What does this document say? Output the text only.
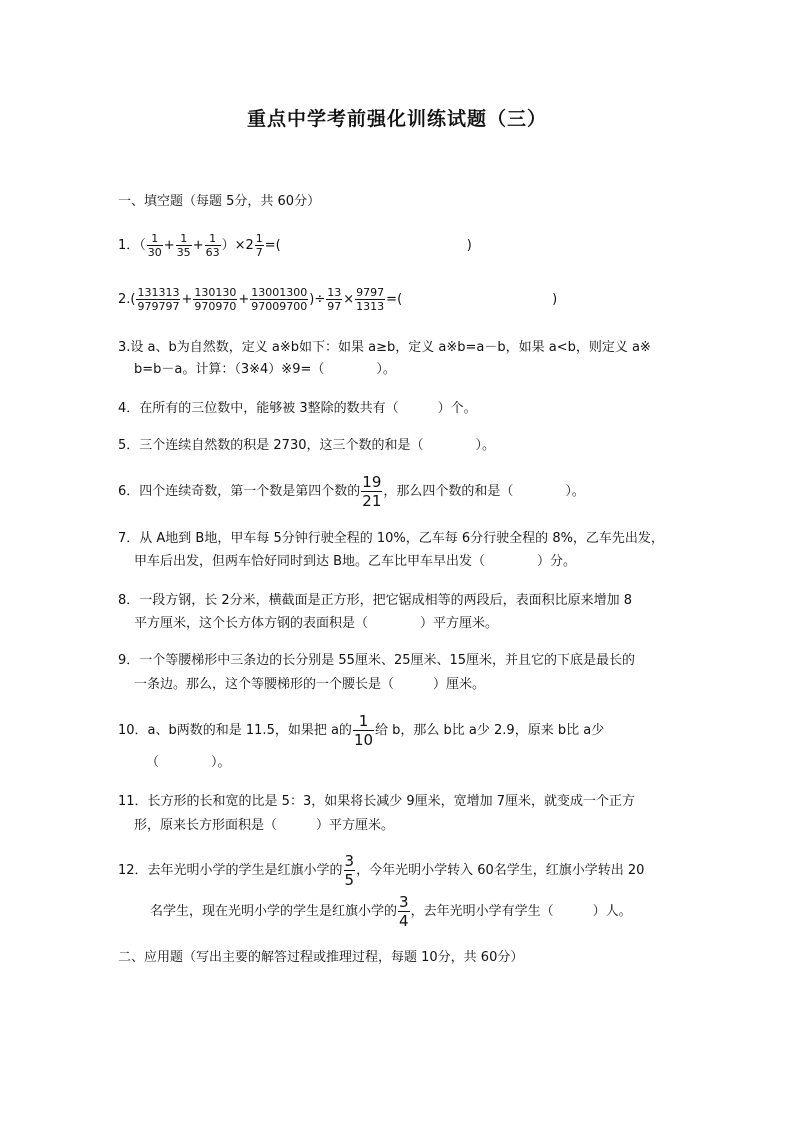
重点中学考前强化训练试题（三）
一、填空题（每题 5分，共 60分）
1．（ $\frac{1}{30} + \frac{1}{35} + \frac{1}{63} )\times 2 \frac{1}{7}$ =(	)
$2.( \frac{131313}{979797} + \frac{130130}{970970} + \frac{13001300}{97009700}$ )÷ $\frac{13}{97} \times \frac{9797}{1313}$ =(	)
3.设 a、b为自然数，定义 a※b如下：如果 a≥b，定义 a※b=a－b，如果 a<b，则定义 a※
b=b－a。计算：（3※4）※9=（　　　　）。
4．在所有的三位数中，能够被 3整除的数共有（　　　）个。
5．三个连续自然数的积是 2730，这三个数的和是（　　　　）。
6．四个连续奇数，第一个数是第四个数的 $\frac{19}{21}$ ，那么四个数的和是（　　　　）。
7．从 A地到 B地，甲车每 5分钟行驶全程的 10%，乙车每 6分行驶全程的 8%，乙车先出发，
甲车后出发，但两车恰好同时到达 B地。乙车比甲车早出发（　　　　）分。
8．一段方钢，长 2分米，横截面是正方形，把它锯成相等的两段后，表面积比原来增加 8
平方厘米，这个长方体方钢的表面积是（　　　　）平方厘米。
9．一个等腰梯形中三条边的长分别是 55厘米、25厘米、15厘米，并且它的下底是最长的
一条边。那么，这个等腰梯形的一个腰长是（　　　）厘米。
10．a、b两数的和是 11.5，如果把 a的 $\frac{1}{10}$ 给 b，那么 b比 a少 2.9，原来 b比 a少
（　　　　）。
11．长方形的长和宽的比是 5：3，如果将长减少 9厘米，宽增加 7厘米，就变成一个正方
形，原来长方形面积是（　　　）平方厘米。
12．去年光明小学的学生是红旗小学的 $\frac{3}{5}$ ，今年光明小学转入 60名学生，红旗小学转出 20
名学生，现在光明小学的学生是红旗小学的 $\frac{3}{4}$ ，去年光明小学有学生（　　　）人。
二、应用题（写出主要的解答过程或推理过程，每题 10分，共 60分）
